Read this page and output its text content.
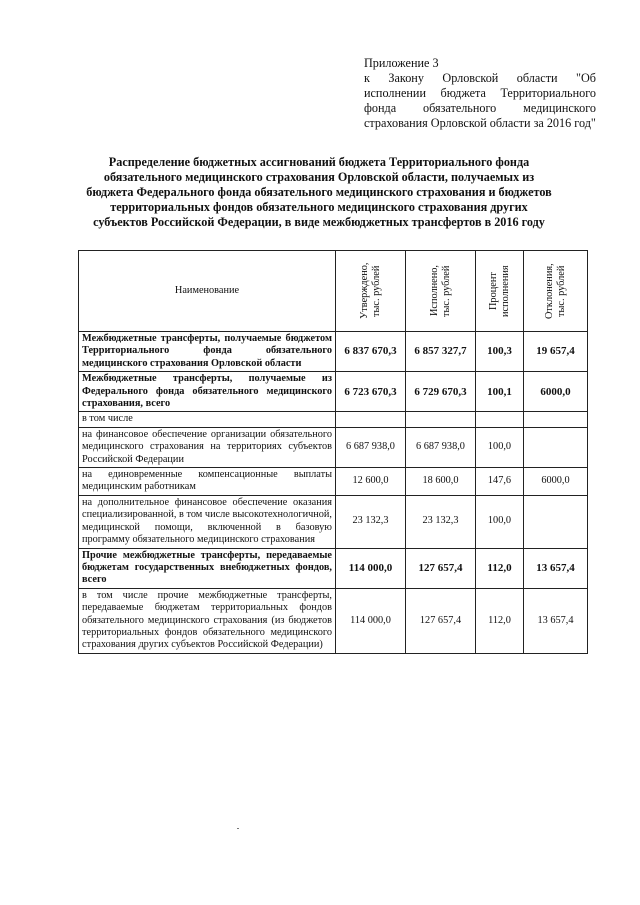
Приложение 3
к Закону Орловской области "Об исполнении бюджета Территориального фонда обязательного медицинского страхования Орловской области за 2016 год"
Распределение бюджетных ассигнований бюджета Территориального фонда обязательного медицинского страхования Орловской области, получаемых из бюджета Федерального фонда обязательного медицинского страхования и бюджетов территориальных фондов обязательного медицинского страхования других субъектов Российской Федерации, в виде межбюджетных трансфертов в 2016 году
Наименование	Утверждено, тыс. рублей	Исполнено, тыс. рублей	Процент исполнения	Отклонения, тыс. рублей

Межбюджетные трансферты, получаемые бюджетом Территориального фонда обязательного медицинского страхования Орловской области	6 837 670,3	6 857 327,7	100,3	19 657,4
Межбюджетные трансферты, получаемые из Федерального фонда обязательного медицинского страхования, всего	6 723 670,3	6 729 670,3	100,1	6000,0
в том числе				
на финансовое обеспечение организации обязательного медицинского страхования на территориях субъектов Российской Федерации	6 687 938,0	6 687 938,0	100,0	
на единовременные компенсационные выплаты медицинским работникам	12 600,0	18 600,0	147,6	6000,0
на дополнительное финансовое обеспечение оказания специализированной, в том числе высокотехнологичной, медицинской помощи, включенной в базовую программу обязательного медицинского страхования	23 132,3	23 132,3	100,0	
Прочие межбюджетные трансферты, передаваемые бюджетам государственных внебюджетных фондов, всего	114 000,0	127 657,4	112,0	13 657,4
в том числе прочие межбюджетные трансферты, передаваемые бюджетам территориальных фондов обязательного медицинского страхования (из бюджетов территориальных фондов обязательного медицинского страхования других субъектов Российской Федерации)	114 000,0	127 657,4	112,0	13 657,4
